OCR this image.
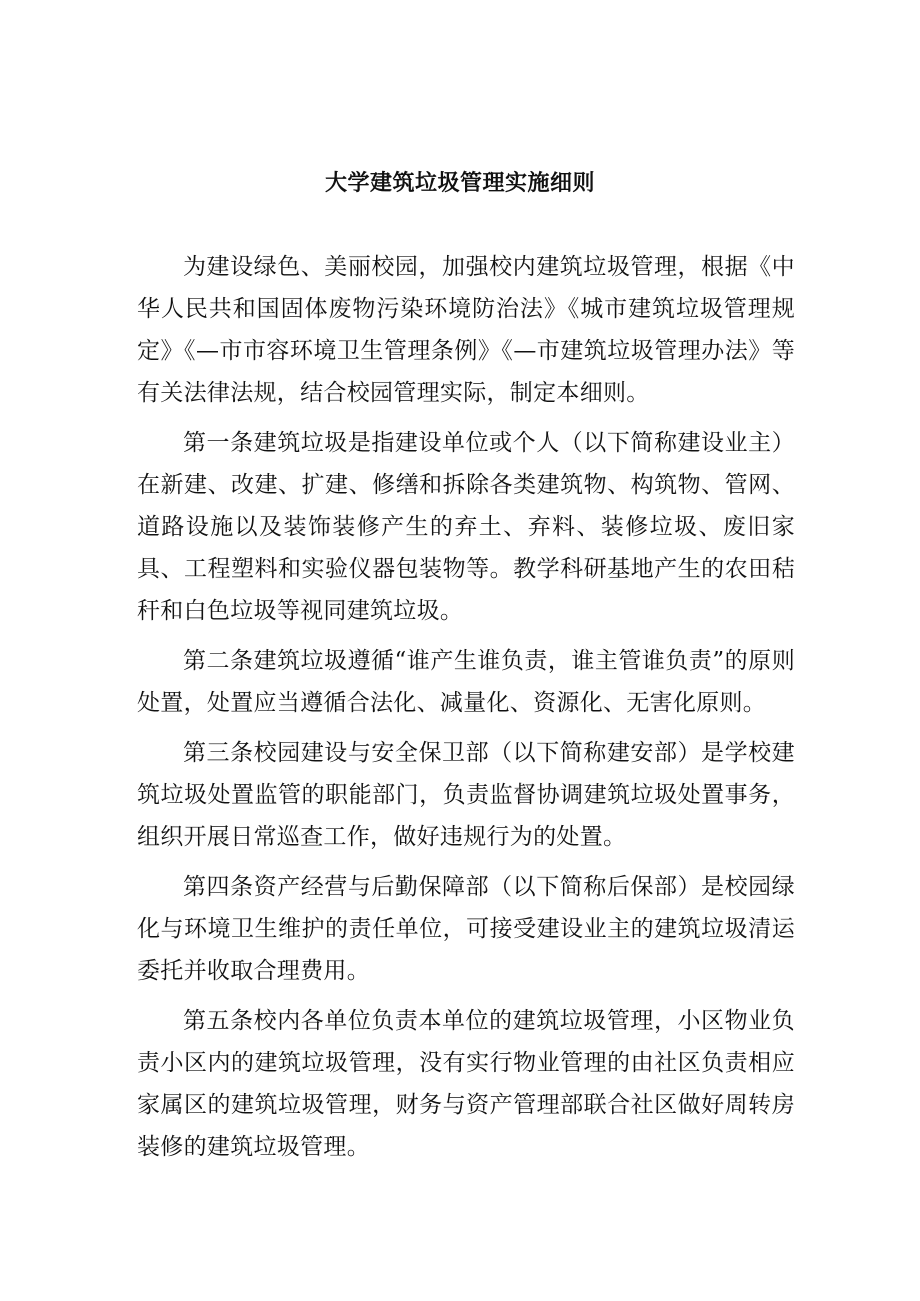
大学建筑垃圾管理实施细则

为建设绿色、美丽校园，加强校内建筑垃圾管理，根据《中华人民共和国固体废物污染环境防治法》《城市建筑垃圾管理规定》《—市市容环境卫生管理条例》《—市建筑垃圾管理办法》等有关法律法规，结合校园管理实际，制定本细则。

第一条建筑垃圾是指建设单位或个人（以下简称建设业主）在新建、改建、扩建、修缮和拆除各类建筑物、构筑物、管网、道路设施以及装饰装修产生的弃土、弃料、装修垃圾、废旧家具、工程塑料和实验仪器包装物等。教学科研基地产生的农田秸秆和白色垃圾等视同建筑垃圾。

第二条建筑垃圾遵循“谁产生谁负责，谁主管谁负责”的原则处置，处置应当遵循合法化、减量化、资源化、无害化原则。

第三条校园建设与安全保卫部（以下简称建安部）是学校建筑垃圾处置监管的职能部门，负责监督协调建筑垃圾处置事务，组织开展日常巡查工作，做好违规行为的处置。

第四条资产经营与后勤保障部（以下简称后保部）是校园绿化与环境卫生维护的责任单位，可接受建设业主的建筑垃圾清运委托并收取合理费用。

第五条校内各单位负责本单位的建筑垃圾管理，小区物业负责小区内的建筑垃圾管理，没有实行物业管理的由社区负责相应家属区的建筑垃圾管理，财务与资产管理部联合社区做好周转房装修的建筑垃圾管理。
